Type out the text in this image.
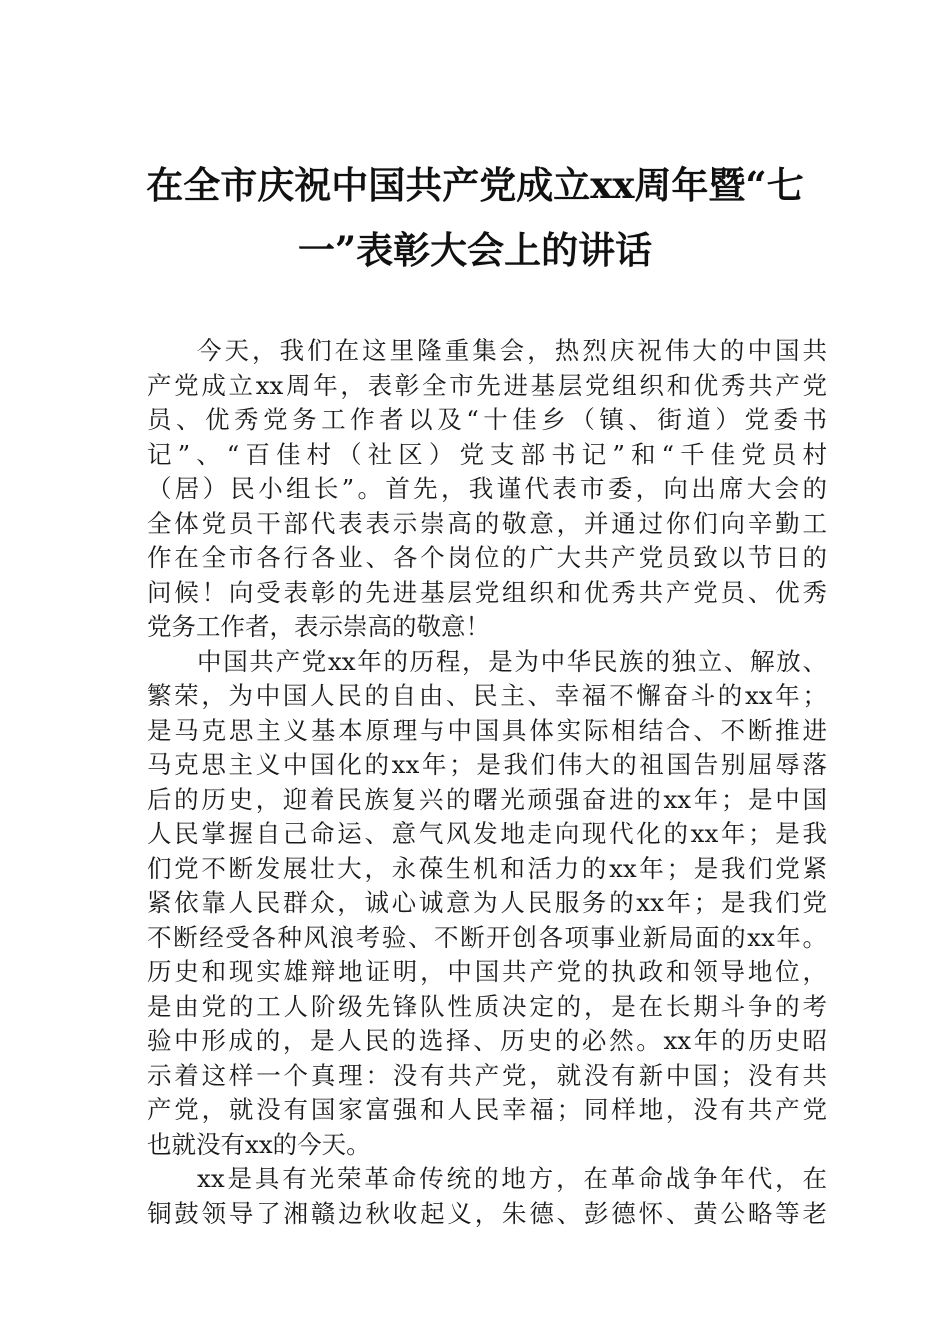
在全市庆祝中国共产党成立xx周年暨“七
一”表彰大会上的讲话
今天，我们在这里隆重集会，热烈庆祝伟大的中国共
产党成立xx周年，表彰全市先进基层党组织和优秀共产党
员、优秀党务工作者以及“十佳乡（镇、街道）党委书
记”、“百佳村（社区）党支部书记”和“千佳党员村
（居）民小组长”。首先，我谨代表市委，向出席大会的
全体党员干部代表表示崇高的敬意，并通过你们向辛勤工
作在全市各行各业、各个岗位的广大共产党员致以节日的
问候！向受表彰的先进基层党组织和优秀共产党员、优秀
党务工作者，表示崇高的敬意！
中国共产党xx年的历程，是为中华民族的独立、解放、
繁荣，为中国人民的自由、民主、幸福不懈奋斗的xx年；
是马克思主义基本原理与中国具体实际相结合、不断推进
马克思主义中国化的xx年；是我们伟大的祖国告别屈辱落
后的历史，迎着民族复兴的曙光顽强奋进的xx年；是中国
人民掌握自己命运、意气风发地走向现代化的xx年；是我
们党不断发展壮大，永葆生机和活力的xx年；是我们党紧
紧依靠人民群众，诚心诚意为人民服务的xx年；是我们党
不断经受各种风浪考验、不断开创各项事业新局面的xx年。
历史和现实雄辩地证明，中国共产党的执政和领导地位，
是由党的工人阶级先锋队性质决定的，是在长期斗争的考
验中形成的，是人民的选择、历史的必然。xx年的历史昭
示着这样一个真理：没有共产党，就没有新中国；没有共
产党，就没有国家富强和人民幸福；同样地，没有共产党
也就没有xx的今天。
xx是具有光荣革命传统的地方，在革命战争年代，在
铜鼓领导了湘赣边秋收起义，朱德、彭德怀、黄公略等老
